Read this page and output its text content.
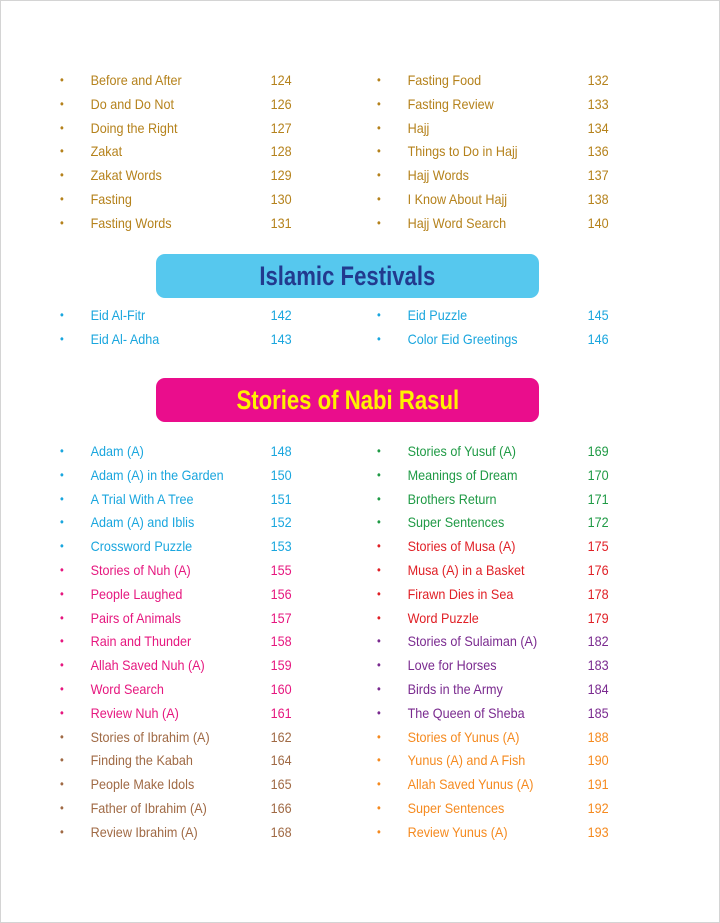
•	Before and After	124
•	Do and Do Not	126
•	Doing the Right	127
•	Zakat	128
•	Zakat Words	129
•	Fasting	130
•	Fasting Words	131
•	Fasting Food	132
•	Fasting Review	133
•	Hajj	134
•	Things to Do in Hajj	136
•	Hajj Words	137
•	I Know About Hajj	138
•	Hajj Word Search	140
Islamic Festivals
•	Eid Al-Fitr	142
•	Eid Al- Adha	143
•	Eid Puzzle	145
•	Color Eid Greetings	146
Stories of Nabi Rasul
•	Adam (A)	148
•	Adam (A) in the Garden	150
•	A Trial With A Tree	151
•	Adam (A) and Iblis	152
•	Crossword Puzzle	153
•	Stories of Nuh (A)	155
•	People Laughed	156
•	Pairs of Animals	157
•	Rain and Thunder	158
•	Allah Saved Nuh (A)	159
•	Word Search	160
•	Review Nuh (A)	161
•	Stories of Ibrahim (A)	162
•	Finding the Kabah	164
•	People Make Idols	165
•	Father of Ibrahim (A)	166
•	Review Ibrahim (A)	168
•	Stories of Yusuf (A)	169
•	Meanings of Dream	170
•	Brothers Return	171
•	Super Sentences	172
•	Stories of Musa (A)	175
•	Musa (A) in a Basket	176
•	Firawn Dies in Sea	178
•	Word Puzzle	179
•	Stories of Sulaiman (A)	182
•	Love for Horses	183
•	Birds in the Army	184
•	The Queen of Sheba	185
•	Stories of Yunus (A)	188
•	Yunus (A) and A Fish	190
•	Allah Saved Yunus (A)	191
•	Super Sentences	192
•	Review Yunus (A)	193
